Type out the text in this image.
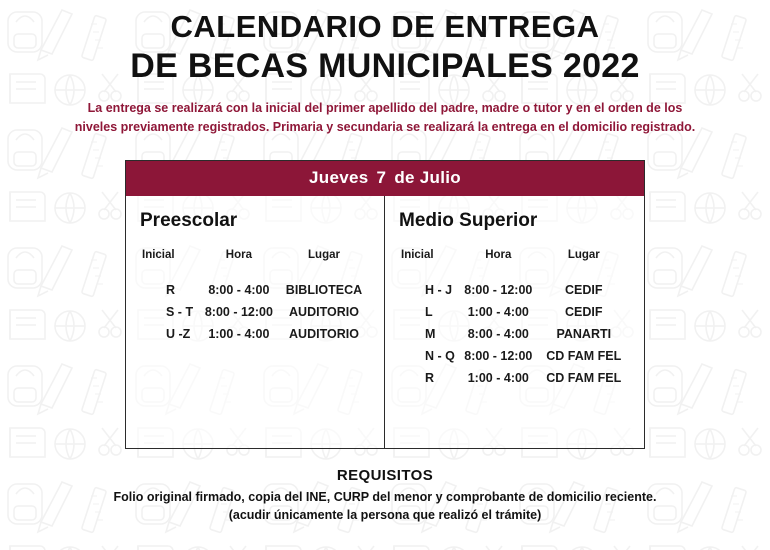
CALENDARIO DE ENTREGA
DE BECAS MUNICIPALES 2022
La entrega se realizará con la inicial del primer apellido del padre, madre o tutor y en el orden de los
niveles previamente registrados. Primaria y secundaria se realizará la entrega en el domicilio registrado.
Jueves 7 de Julio
Preescolar
Inicial	Hora	Lugar
R	8:00 - 4:00	BIBLIOTECA
S - T	8:00 - 12:00	AUDITORIO
U -Z	1:00 - 4:00	AUDITORIO
Medio Superior
Inicial	Hora	Lugar
H - J	8:00 - 12:00	CEDIF
L	1:00 - 4:00	CEDIF
M	8:00 - 4:00	PANARTI
N - Q	8:00 - 12:00	CD FAM FEL
R	1:00 - 4:00	CD FAM FEL
REQUISITOS
Folio original firmado, copia del INE, CURP del menor y comprobante de domicilio reciente.
(acudir únicamente la persona que realizó el trámite)
